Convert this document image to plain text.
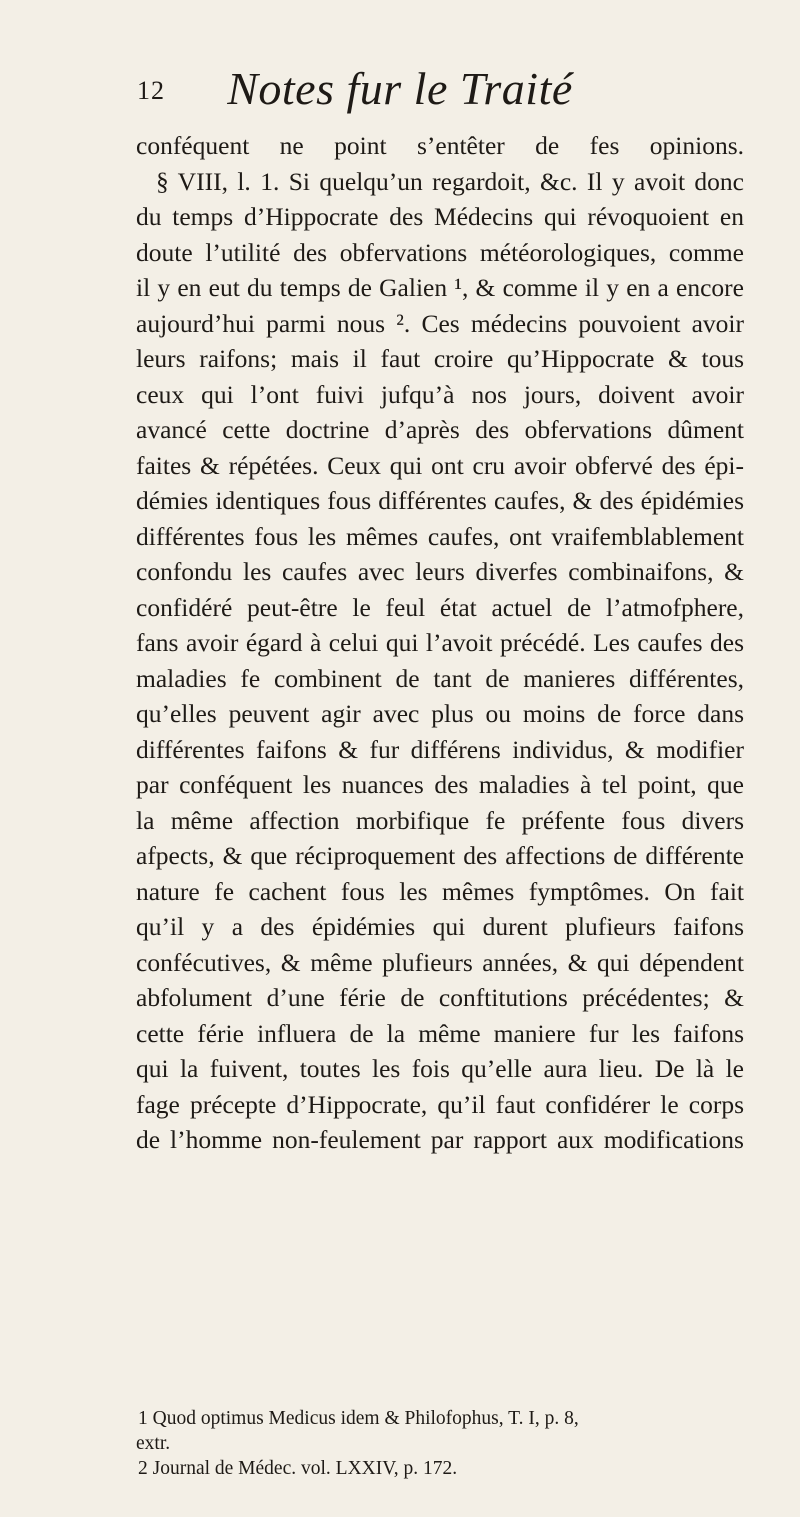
12	Notes fur le Traité
conféquent ne point s’entêter de fes opinions.
§ VIII, l. 1. Si quelqu’un regardoit, &c. Il y avoit donc
du temps d’Hippocrate des Médecins qui révoquoient en
doute l’utilité des obfervations météorologiques, comme
il y en eut du temps de Galien ¹, & comme il y en a encore
aujourd’hui parmi nous ². Ces médecins pouvoient avoir
leurs raifons; mais il faut croire qu’Hippocrate & tous
ceux qui l’ont fuivi jufqu’à nos jours, doivent avoir
avancé cette doctrine d’après des obfervations dûment
faites & répétées. Ceux qui ont cru avoir obfervé des épi-
démies identiques fous différentes caufes, & des épidémies
différentes fous les mêmes caufes, ont vraifemblablement
confondu les caufes avec leurs diverfes combinaifons, &
confidéré peut-être le feul état actuel de l’atmofphere,
fans avoir égard à celui qui l’avoit précédé. Les caufes des
maladies fe combinent de tant de manieres différentes,
qu’elles peuvent agir avec plus ou moins de force dans
différentes faifons & fur différens individus, & modifier
par conféquent les nuances des maladies à tel point, que
la même affection morbifique fe préfente fous divers
afpects, & que réciproquement des affections de différente
nature fe cachent fous les mêmes fymptômes. On fait
qu’il y a des épidémies qui durent plufieurs faifons
confécutives, & même plufieurs années, & qui dépendent
abfolument d’une férie de conftitutions précédentes; &
cette férie influera de la même maniere fur les faifons
qui la fuivent, toutes les fois qu’elle aura lieu. De là le
fage précepte d’Hippocrate, qu’il faut confidérer le corps
de l’homme non-feulement par rapport aux modifications
1 Quod optimus Medicus idem & Philofophus, T. I, p. 8,
extr.
2 Journal de Médec. vol. LXXIV, p. 172.
